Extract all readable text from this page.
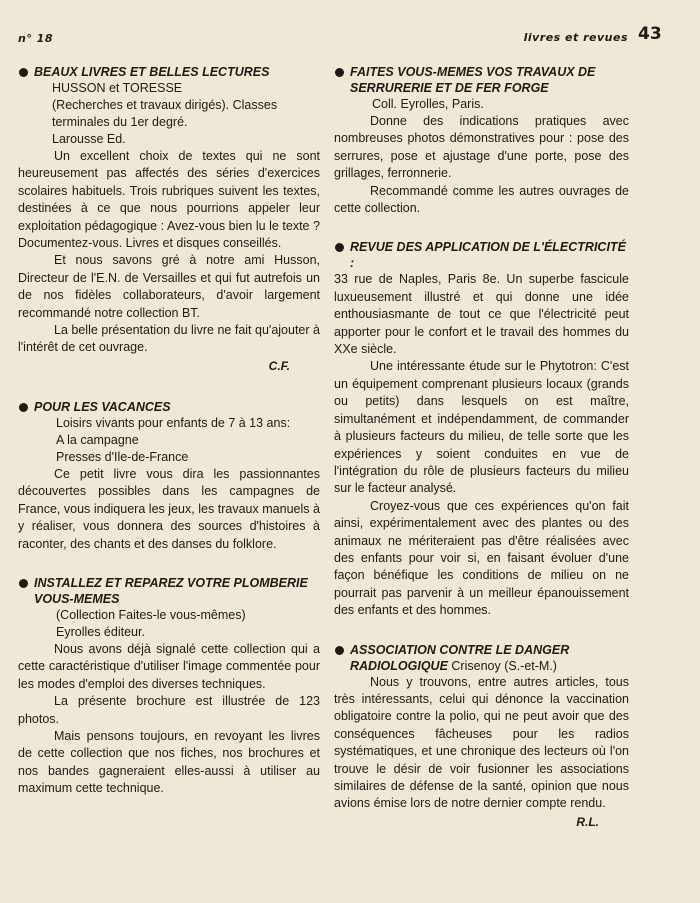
n° 18	livres et revues 43
BEAUX LIVRES ET BELLES LECTURES
HUSSON et TORESSE
(Recherches et travaux dirigés). Classes terminales du 1er degré.
Larousse Ed.

Un excellent choix de textes qui ne sont heureusement pas affectés des séries d'exercices scolaires habituels. Trois rubriques suivent les textes, destinées à ce que nous pourrions appeler leur exploitation pédagogique : Avez-vous bien lu le texte ? Documentez-vous. Livres et disques conseillés.

Et nous savons gré à notre ami Husson, Directeur de l'E.N. de Versailles et qui fut autrefois un de nos fidèles collaborateurs, d'avoir largement recommandé notre collection BT.

La belle présentation du livre ne fait qu'ajouter à l'intérêt de cet ouvrage.

C.F.
POUR LES VACANCES
Loisirs vivants pour enfants de 7 à 13 ans:
A la campagne
Presses d'Ile-de-France

Ce petit livre vous dira les passionnantes découvertes possibles dans les campagnes de France, vous indiquera les jeux, les travaux manuels à y réaliser, vous donnera des sources d'histoires à raconter, des chants et des danses du folklore.

INSTALLEZ ET REPAREZ VOTRE PLOMBERIE VOUS-MEMES
(Collection Faites-le vous-mêmes)
Eyrolles éditeur.

Nous avons déjà signalé cette collection qui a cette caractéristique d'utiliser l'image commentée pour les modes d'emploi des diverses techniques.

La présente brochure est illustrée de 123 photos.

Mais pensons toujours, en revoyant les livres de cette collection que nos fiches, nos brochures et nos bandes gagneraient elles-aussi à utiliser au maximum cette technique.

FAITES VOUS-MEMES VOS TRAVAUX DE SERRURERIE ET DE FER FORGE
Coll. Eyrolles, Paris.

Donne des indications pratiques avec nombreuses photos démonstratives pour : pose des serrures, pose et ajustage d'une porte, pose des grillages, ferronnerie.

Recommandé comme les autres ouvrages de cette collection.

REVUE DES APPLICATION DE L'ÉLECTRICITÉ :

33 rue de Naples, Paris 8e. Un superbe fascicule luxueusement illustré et qui donne une idée enthousiasmante de tout ce que l'électricité peut apporter pour le confort et le travail des hommes du XXe siècle.

Une intéressante étude sur le Phytotron: C'est un équipement comprenant plusieurs locaux (grands ou petits) dans lesquels on est maître, simultanément et indépendamment, de commander à plusieurs facteurs du milieu, de telle sorte que les expériences y soient conduites en vue de l'intégration du rôle de plusieurs facteurs du milieu sur le facteur analysé.

Croyez-vous que ces expériences qu'on fait ainsi, expérimentalement avec des plantes ou des animaux ne mériteraient pas d'être réalisées avec des enfants pour voir si, en faisant évoluer d'une façon bénéfique les conditions de milieu on ne pourrait pas parvenir à un meilleur épanouissement des enfants et des hommes.

ASSOCIATION CONTRE LE DANGER RADIOLOGIQUE Crisenoy (S.-et-M.)

Nous y trouvons, entre autres articles, tous très intéressants, celui qui dénonce la vaccination obligatoire contre la polio, qui ne peut avoir que des conséquences fâcheuses pour les radios systématiques, et une chronique des lecteurs où l'on trouve le désir de voir fusionner les associations similaires de défense de la santé, opinion que nous avions émise lors de notre dernier compte rendu.

R.L.
